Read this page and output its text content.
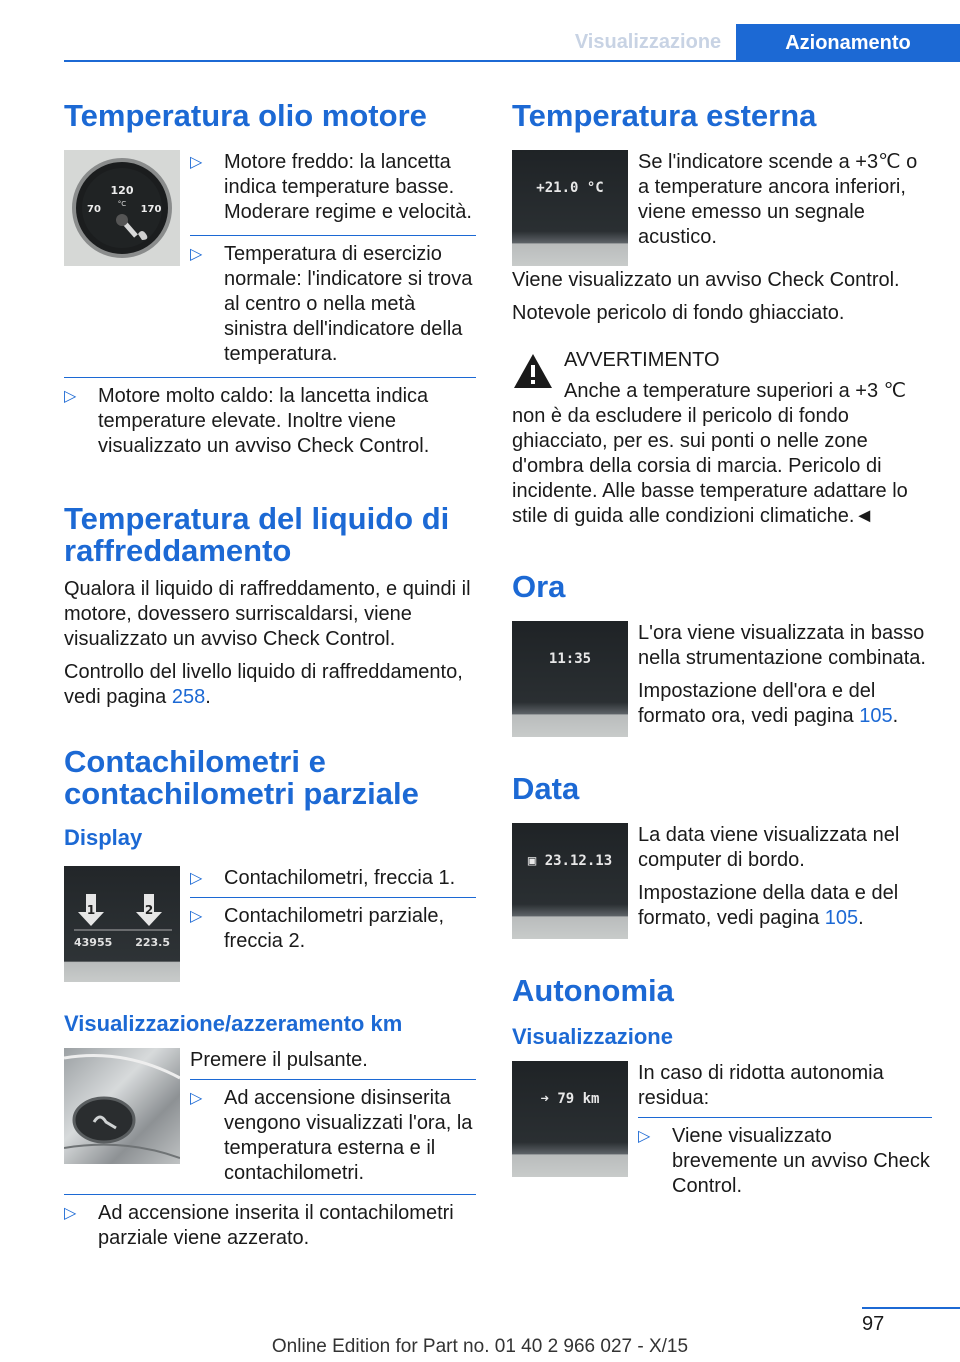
Visualizzazione	Azionamento
Temperatura olio motore
120
°C
70	170
▷ Motore freddo: la lancetta indica temperature basse. Moderare regime e velocità.
▷ Temperatura di esercizio normale: l'indicatore si trova al centro o nella metà sinistra dell'indicatore della temperatura.
▷ Motore molto caldo: la lancetta indica temperature elevate. Inoltre viene visualizzato un avviso Check Control.
Temperatura del liquido di raffreddamento

Qualora il liquido di raffreddamento, e quindi il motore, dovessero surriscaldarsi, viene visualizzato un avviso Check Control.

Controllo del livello liquido di raffreddamento, vedi pagina 258.

Contachilometri e contachilometri parziale
Display
1	2
43955 223.5
▷ Contachilometri, freccia 1.
▷ Contachilometri parziale, freccia 2.
Visualizzazione/azzeramento km

Premere il pulsante.

▷ Ad accensione disinserita vengono visualizzati l'ora, la temperatura esterna e il contachilometri.
▷ Ad accensione inserita il contachilometri parziale viene azzerato.
Temperatura esterna
+21.0 °C

Se l'indicatore scende a +3℃ o a temperature ancora inferiori, viene emesso un segnale acustico.

Viene visualizzato un avviso Check Control.

Notevole pericolo di fondo ghiacciato.

AVVERTIMENTO

Anche a temperature superiori a +3 ℃ non è da escludere il pericolo di fondo ghiacciato, per es. sui ponti o nelle zone d'ombra della corsia di marcia. Pericolo di incidente. Alle basse temperature adattare lo stile di guida alle condizioni climatiche.◄

Ora
11:35

L'ora viene visualizzata in basso nella strumentazione combinata.

Impostazione dell'ora e del formato ora, vedi pagina 105.

Data
▣ 23.12.13

La data viene visualizzata nel computer di bordo.

Impostazione della data e del formato, vedi pagina 105.

Autonomia
Visualizzazione
➜ 79 km

In caso di ridotta autonomia residua:

▷ Viene visualizzato brevemente un avviso Check Control.
97
Online Edition for Part no. 01 40 2 966 027 - X/15
